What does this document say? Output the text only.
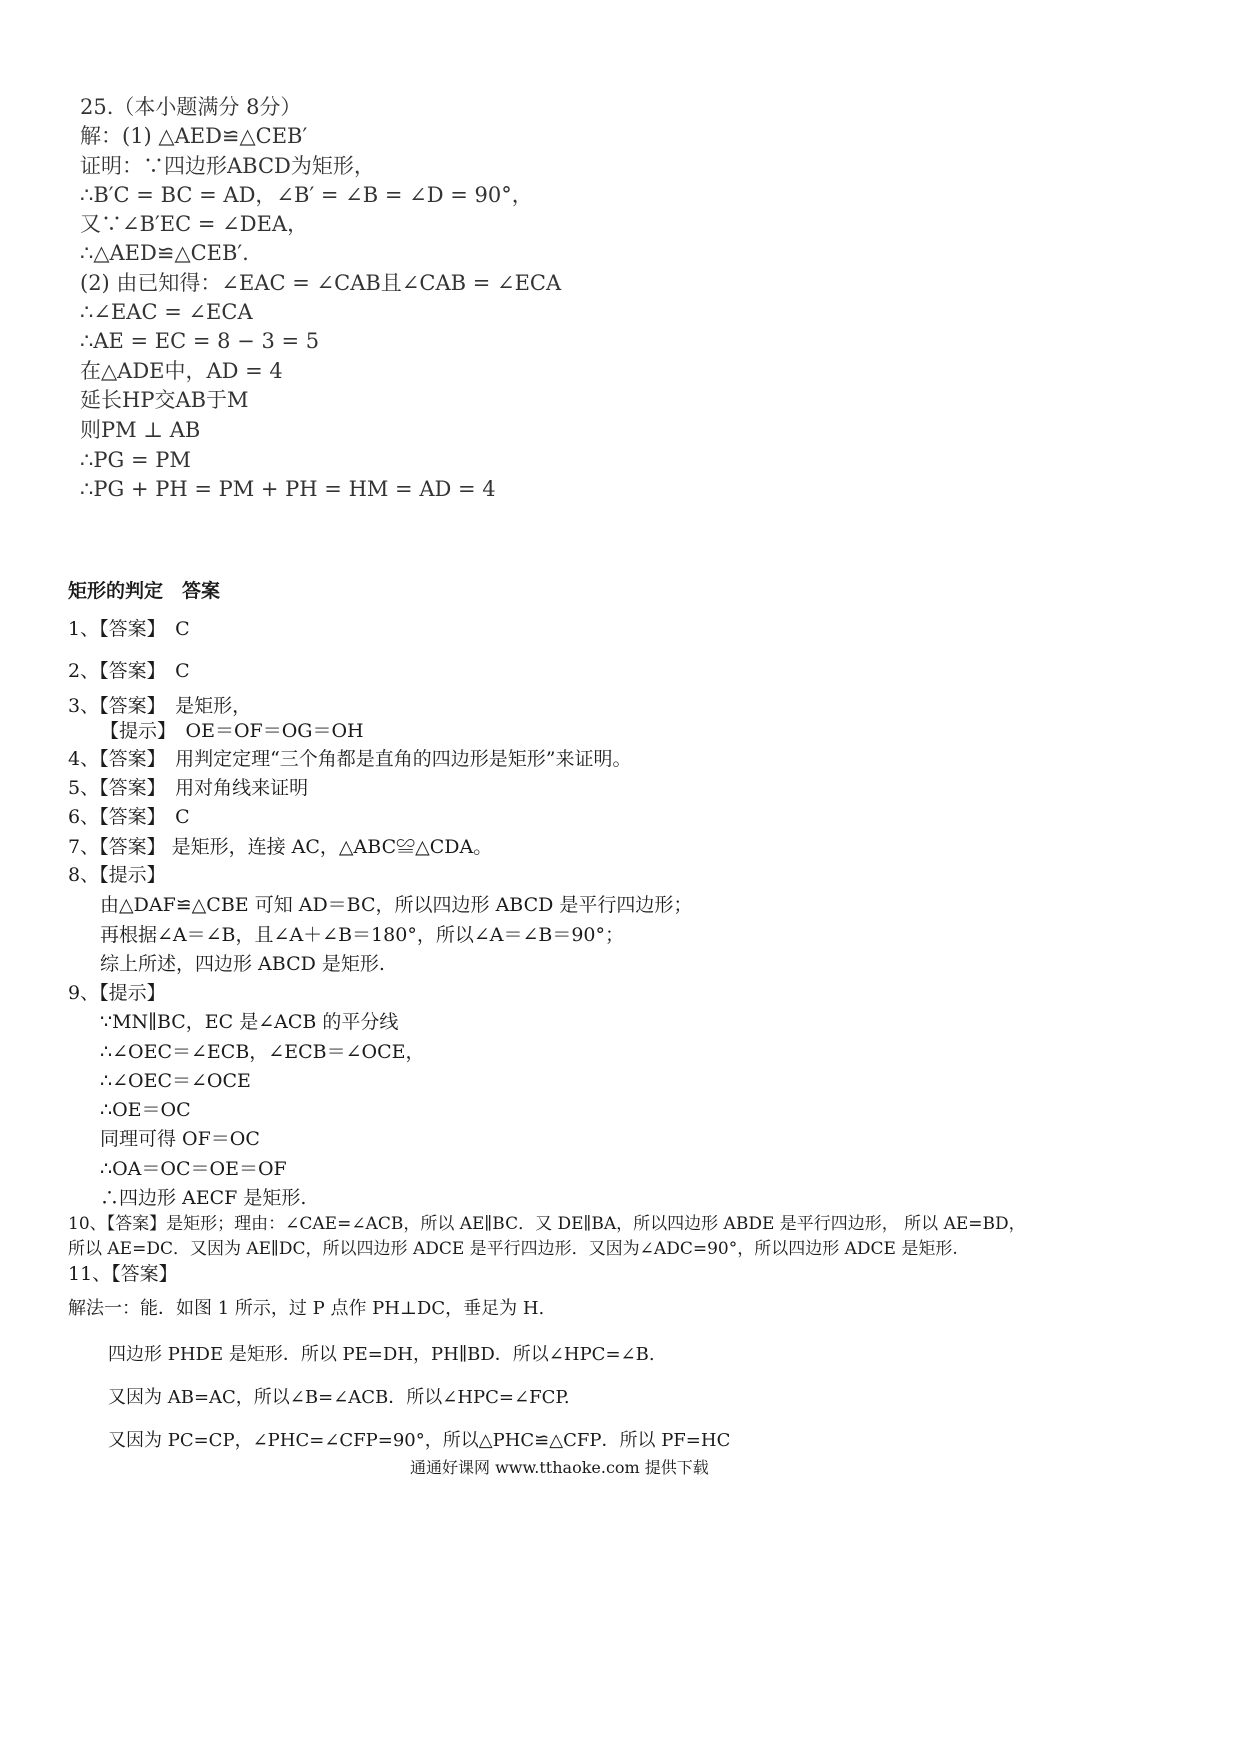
25.（本小题满分 8分）
解：(1) △AED≌△CEB′
证明：∵四边形ABCD为矩形，
∴B′C = BC = AD，∠B′ = ∠B = ∠D = 90°，
又∵∠B′EC = ∠DEA，
∴△AED≌△CEB′.
(2) 由已知得：∠EAC = ∠CAB且∠CAB = ∠ECA
∴∠EAC = ∠ECA
∴AE = EC = 8 − 3 = 5
在△ADE中，AD = 4
延长HP交AB于M
则PM ⊥ AB
∴PG = PM
∴PG + PH = PM + PH = HM = AD = 4
矩形的判定　答案
1、【答案】　C
2、【答案】　C
3、【答案】　是矩形，
【提示】　OE＝OF＝OG＝OH
4、【答案】　用判定定理“三个角都是直角的四边形是矩形”来证明。
5、【答案】　用对角线来证明
6、【答案】　C
7、【答案】 是矩形，连接 AC，△ABC≌△CDA。
8、【提示】
由△DAF≌△CBE 可知 AD＝BC，所以四边形 ABCD 是平行四边形；
再根据∠A＝∠B，且∠A＋∠B＝180°，所以∠A＝∠B＝90°；
综上所述，四边形 ABCD 是矩形.
9、【提示】
∵MN∥BC，EC 是∠ACB 的平分线
∴∠OEC＝∠ECB，∠ECB＝∠OCE，
∴∠OEC＝∠OCE
∴OE＝OC
同理可得 OF＝OC
∴OA＝OC＝OE＝OF
∴四边形 AECF 是矩形.
10、【答案】是矩形；理由：∠CAE=∠ACB，所以 AE∥BC．又 DE∥BA，所以四边形 ABDE 是平行四边形， 所以 AE=BD，
所以 AE=DC．又因为 AE∥DC，所以四边形 ADCE 是平行四边形．又因为∠ADC=90°，所以四边形 ADCE 是矩形.
11、【答案】
解法一：能．如图 1 所示，过 P 点作 PH⊥DC，垂足为 H.
四边形 PHDE 是矩形．所以 PE=DH，PH∥BD．所以∠HPC=∠B.
又因为 AB=AC，所以∠B=∠ACB．所以∠HPC=∠FCP.
又因为 PC=CP，∠PHC=∠CFP=90°，所以△PHC≌△CFP．所以 PF=HC
通通好课网 www.tthaoke.com 提供下载
